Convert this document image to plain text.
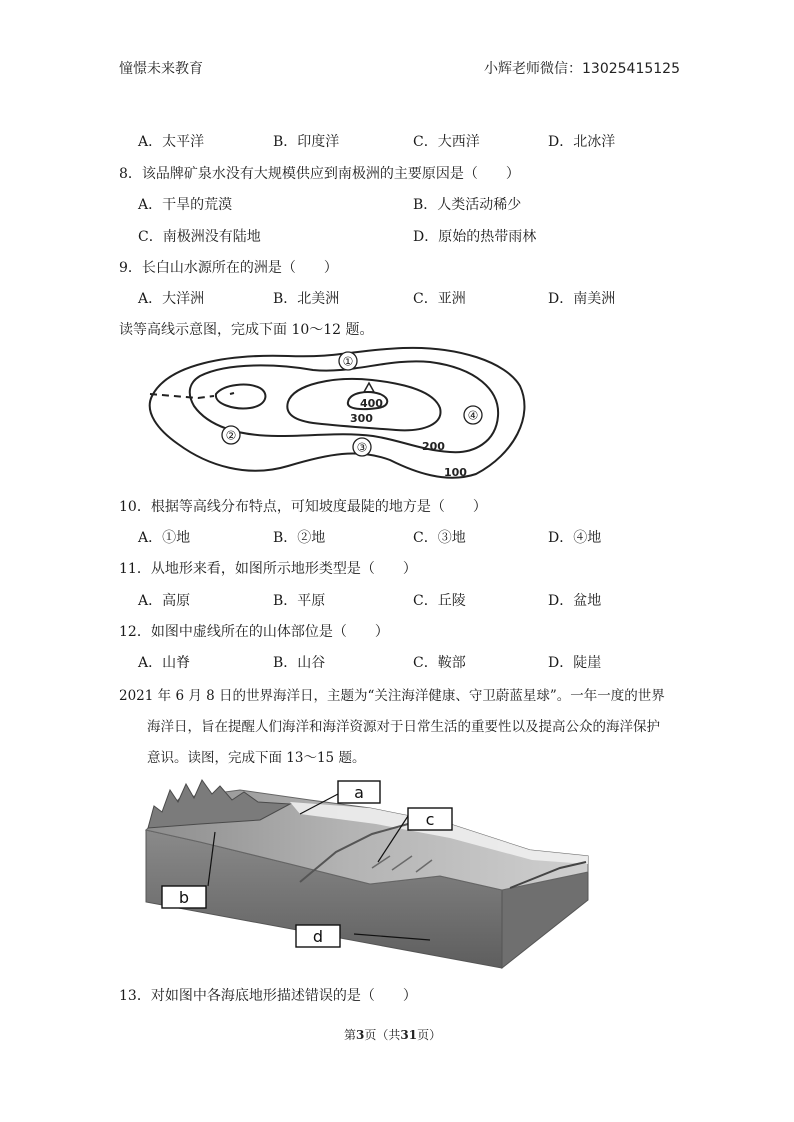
憧憬未来教育	小辉老师微信：13025415125
A．太平洋	B．印度洋	C．大西洋	D．北冰洋
8．该品牌矿泉水没有大规模供应到南极洲的主要原因是（　　）
A．干旱的荒漠	B．人类活动稀少
C．南极洲没有陆地	D．原始的热带雨林
9．长白山水源所在的洲是（　　）
A．大洋洲	B．北美洲	C．亚洲	D．南美洲
读等高线示意图，完成下面 10～12 题。
①
②
③
④
400
300
200
100
10．根据等高线分布特点，可知坡度最陡的地方是（　　）
A．①地	B．②地	C．③地	D．④地
11．从地形来看，如图所示地形类型是（　　）
A．高原	B．平原	C．丘陵	D．盆地
12．如图中虚线所在的山体部位是（　　）
A．山脊	B．山谷	C．鞍部	D．陡崖
2021 年 6 月 8 日的世界海洋日，主题为“关注海洋健康、守卫蔚蓝星球”。一年一度的世界
海洋日，旨在提醒人们海洋和海洋资源对于日常生活的重要性以及提高公众的海洋保护
意识。读图，完成下面 13～15 题。
a
b
c
d
13．对如图中各海底地形描述错误的是（　　）
第3页（共31页）
